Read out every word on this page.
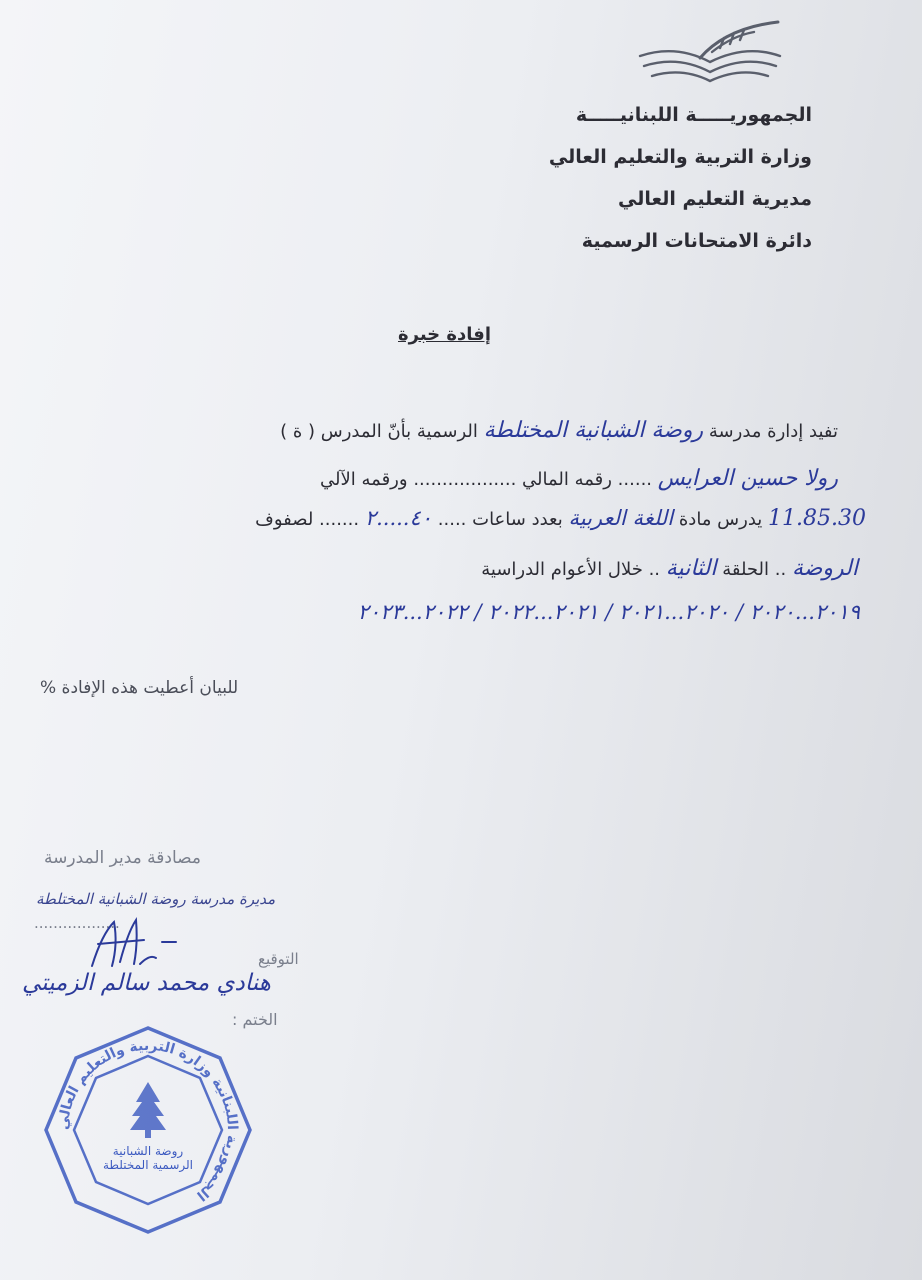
الجمهوريـــــة اللبنانيـــــة
وزارة التربية والتعليم العالي
مديرية التعليم العالي
دائرة الامتحانات الرسمية
إفادة خبرة
تفيد إدارة مدرسة روضة الشبانية المختلطة الرسمية بأنّ المدرس ( ة )
رولا حسين العرايس ...... رقمه المالي .................. ورقمه الآلي
11.85.30 يدرس مادة اللغة العربية بعدد ساعات ..... ٤٠.....٢ ....... لصفوف
الروضة .. الحلقة الثانية .. خلال الأعوام الدراسية
٢٠١٩...٢٠٢٠ / ٢٠٢٠...٢٠٢١ / ٢٠٢١...٢٠٢٢ / ٢٠٢٢...٢٠٢٣
للبيان أعطيت هذه الإفادة %
مصادقة مدير المدرسة
مديرة مدرسة روضة الشبانية المختلطة
..................
التوقيع
هنادي محمد سالم الزميتي
الختم :
الجمهورية اللبنانية وزارة التربية والتعليم العالي
روضة الشبانية الرسمية المختلطة
